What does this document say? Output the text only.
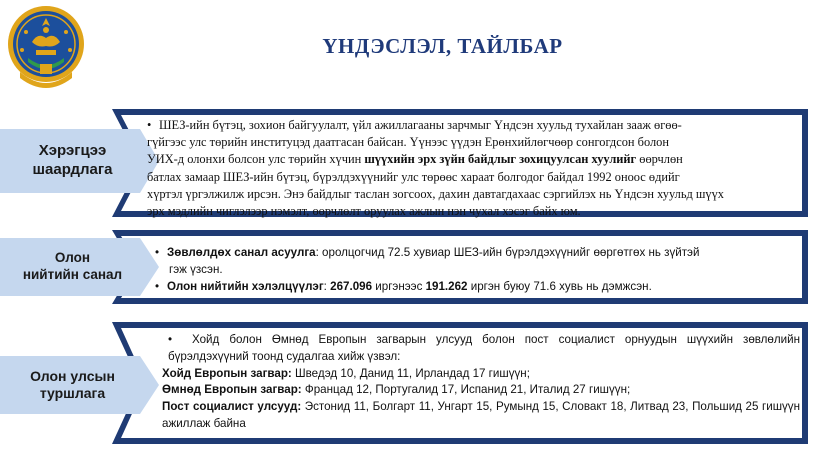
ҮНДЭСЛЭЛ, ТАЙЛБАР
Хэрэгцээ
шаардлага
• ШЕЗ-ийн бүтэц, зохион байгуулалт, үйл ажиллагааны зарчмыг Үндсэн хуульд тухайлан зааж өгөө-
гүйгээс улс төрийн институцэд даатгасан байсан. Үүнээс үүдэн Ерөнхийлөгчөөр сонгогдсон болон
УИХ-д олонхи болсон улс төрийн хүчин шүүхийн эрх зүйн байдлыг зохицуулсан хуулийг өөрчлөн
батлах замаар ШЕЗ-ийн бүтэц, бүрэлдэхүүнийг улс төрөөс хараат болгодог байдал 1992 оноос өдийг
хүртэл үргэлжилж ирсэн. Энэ байдлыг таслан зогсоох, дахин давтагдахаас сэргийлэх нь Үндсэн хуульд шүүх
эрх мэдлийн чиглэлээр нэмэлт, өөрчлөлт оруулах ажлын нэн чухал хэсэг байх юм.
Олон
нийтийн санал
• Зөвлөлдөх санал асуулга: оролцогчид 72.5 хувиар ШЕЗ-ийн бүрэлдэхүүнийг өөргөтгөх нь зүйтэй
гэж үзсэн.
• Олон нийтийн хэлэлцүүлэг: 267.096 иргэнээс 191.262 иргэн буюу 71.6 хувь нь дэмжсэн.
Олон улсын
туршлага
• Хойд болон Өмнөд Европын загварын улсууд болон пост социалист орнуудын шүүхийн зөвлөлийн бүрэлдэхүүний тоонд судалгаа хийж үзвэл:
Хойд Европын загвар: Шведэд 10, Данид 11, Ирландад 17 гишүүн;
Өмнөд Европын загвар: Францад 12, Португалид 17, Испанид 21, Италид 27 гишүүн;
Пост социалист улсууд: Эстонид 11, Болгарт 11, Унгарт 15, Румынд 15, Словакт 18, Литвад 23, Польшид 25 гишүүн ажиллаж байна
